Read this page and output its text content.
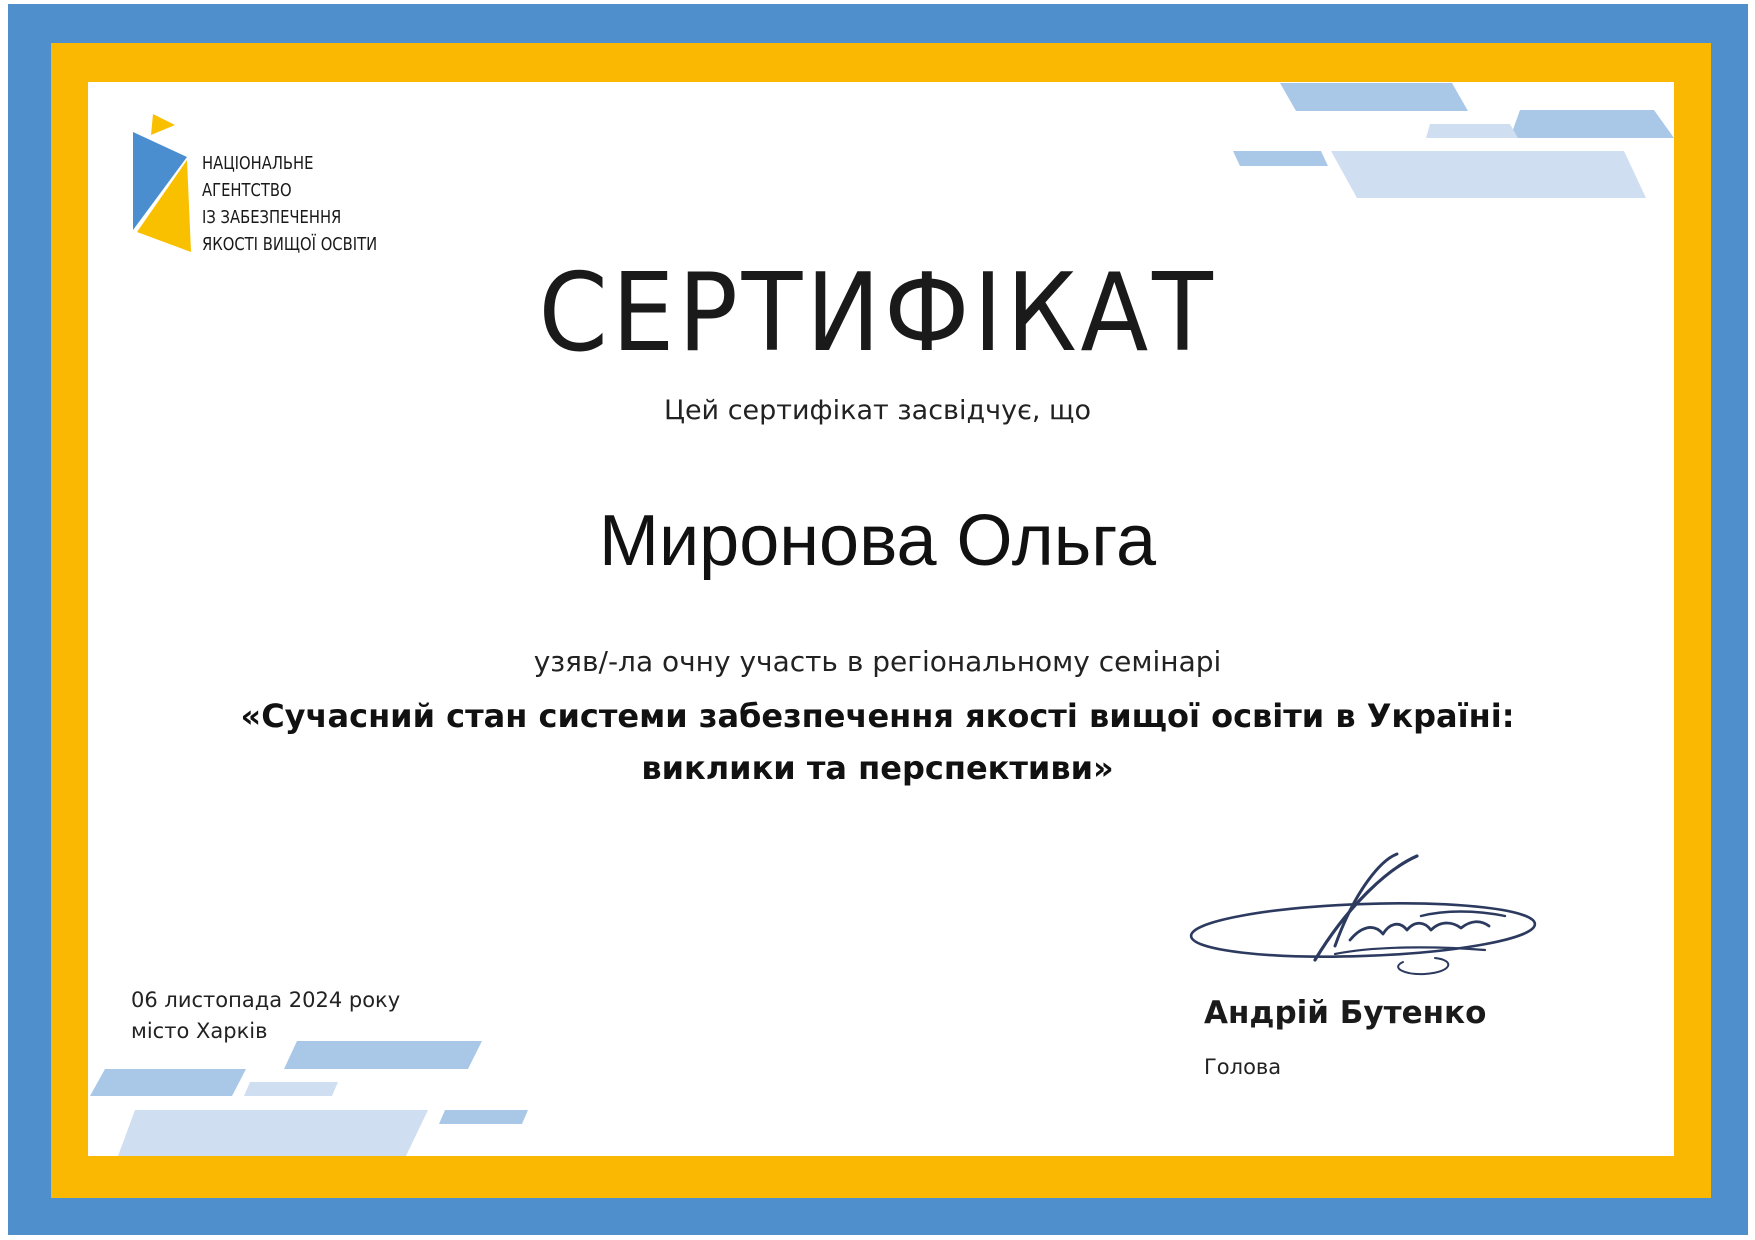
НАЦІОНАЛЬНЕ
АГЕНТСТВО
ІЗ ЗАБЕЗПЕЧЕННЯ
ЯКОСТІ ВИЩОЇ ОСВІТИ
СЕРТИФІКАТ
Цей сертифікат засвідчує, що
Миронова Ольга
узяв/-ла очну участь в регіональному семінарі
«Сучасний стан системи забезпечення якості вищої освіти в Україні:
виклики та перспективи»
06 листопада 2024 року
місто Харків	Андрій Бутенко
Голова
